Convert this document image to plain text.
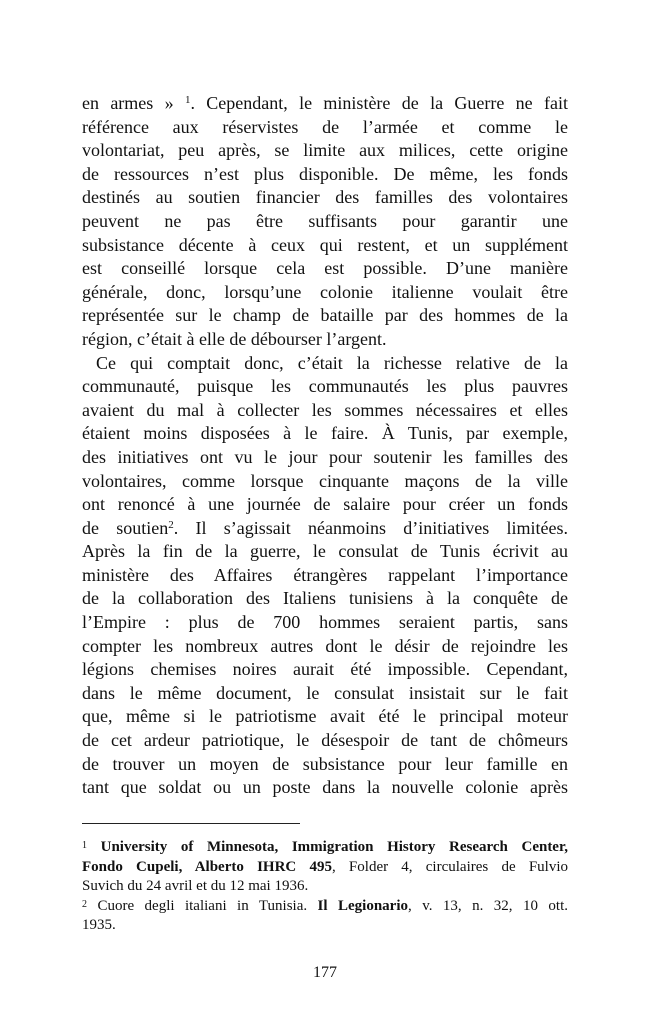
en armes » $^1$. Cependant, le ministère de la Guerre ne fait
référence aux réservistes de l’armée et comme le
volontariat, peu après, se limite aux milices, cette origine
de ressources n’est plus disponible. De même, les fonds
destinés au soutien financier des familles des volontaires
peuvent ne pas être suffisants pour garantir une
subsistance décente à ceux qui restent, et un supplément
est conseillé lorsque cela est possible. D’une manière
générale, donc, lorsqu’une colonie italienne voulait être
représentée sur le champ de bataille par des hommes de la
région, c’était à elle de débourser l’argent.
Ce qui comptait donc, c’était la richesse relative de la
communauté, puisque les communautés les plus pauvres
avaient du mal à collecter les sommes nécessaires et elles
étaient moins disposées à le faire. À Tunis, par exemple,
des initiatives ont vu le jour pour soutenir les familles des
volontaires, comme lorsque cinquante maçons de la ville
ont renoncé à une journée de salaire pour créer un fonds
de soutien$^2$. Il s’agissait néanmoins d’initiatives limitées.
Après la fin de la guerre, le consulat de Tunis écrivit au
ministère des Affaires étrangères rappelant l’importance
de la collaboration des Italiens tunisiens à la conquête de
l’Empire : plus de 700 hommes seraient partis, sans
compter les nombreux autres dont le désir de rejoindre les
légions chemises noires aurait été impossible. Cependant,
dans le même document, le consulat insistait sur le fait
que, même si le patriotisme avait été le principal moteur
de cet ardeur patriotique, le désespoir de tant de chômeurs
de trouver un moyen de subsistance pour leur famille en
tant que soldat ou un poste dans la nouvelle colonie après
$^1$ University of Minnesota, Immigration History Research Center,
Fondo Cupeli, Alberto IHRC 495, Folder 4, circulaires de Fulvio
Suvich du 24 avril et du 12 mai 1936.
$^2$ Cuore degli italiani in Tunisia. Il Legionario, v. 13, n. 32, 10 ott.
1935.
177
